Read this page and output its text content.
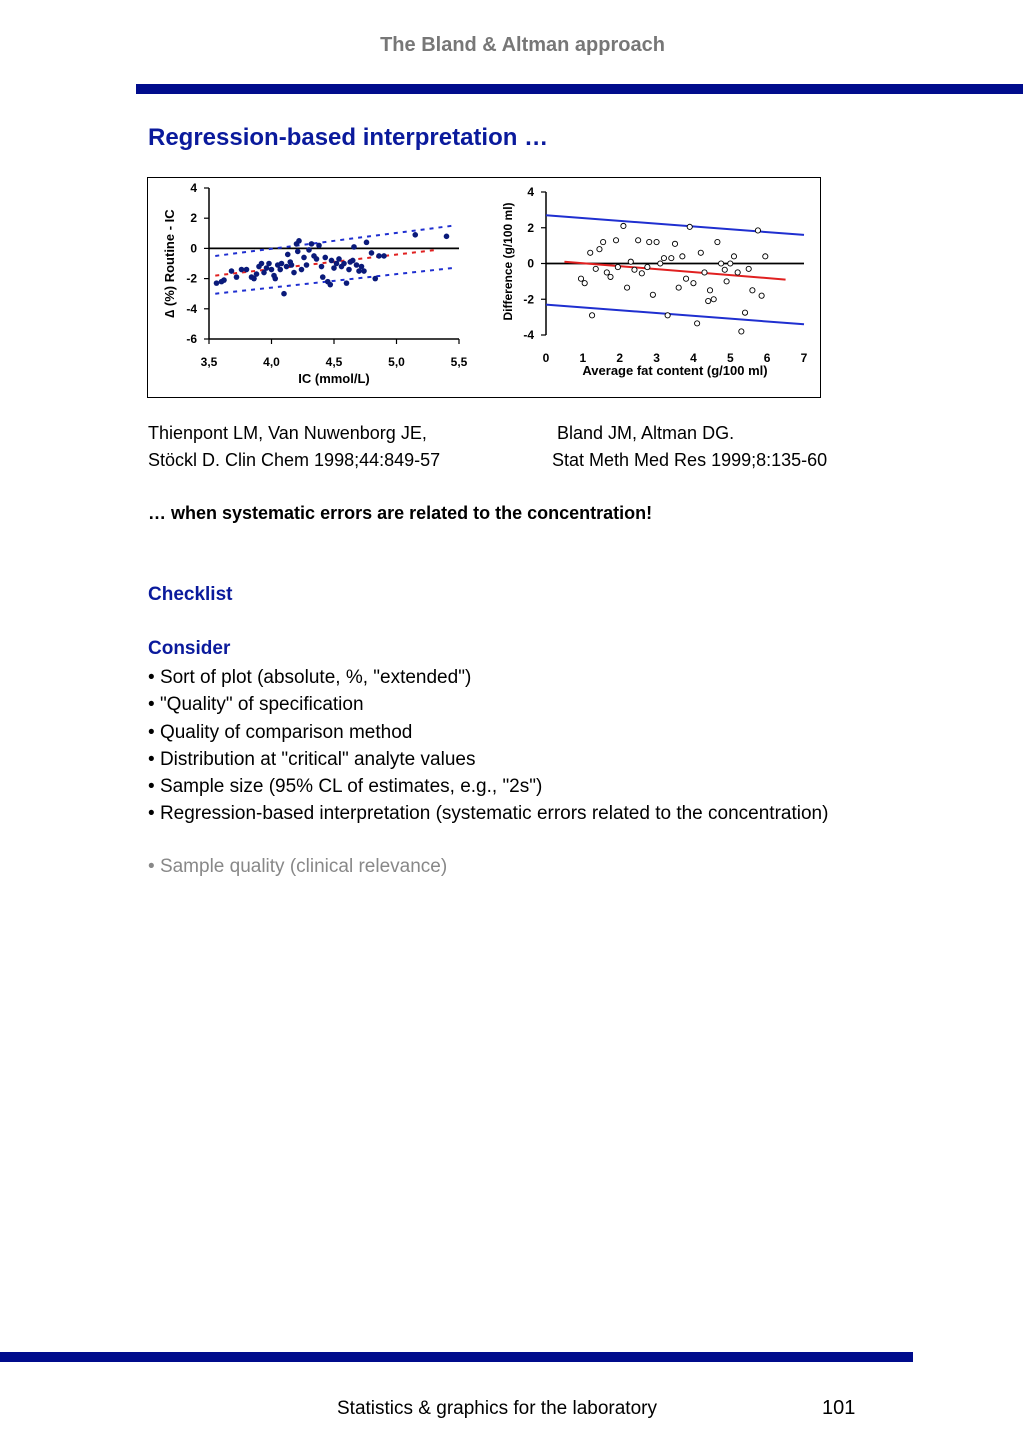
The Bland & Altman approach
Regression-based interpretation …
4
2
0
-2
-4
-6
3,5	4,0	4,5	5,0	5,5
IC (mmol/L)
∆ (%) Routine - IC
4
2
0
-2
-4
0	1	2	3	4	5	6	7
Average fat content (g/100 ml)
Difference (g/100 ml)
Thienpont LM, Van Nuwenborg JE,
Stöckl D. Clin Chem 1998;44:849-57
Bland JM, Altman DG.
Stat Meth Med Res 1999;8:135-60
… when systematic errors are related to the concentration!
Checklist
Consider
• Sort of plot (absolute, %, "extended")
• "Quality" of specification
• Quality of comparison method
• Distribution at "critical" analyte values
• Sample size (95% CL of estimates, e.g., "2s")
• Regression-based interpretation (systematic errors related to the concentration)
• Sample quality (clinical relevance)
Statistics & graphics for the laboratory	101
